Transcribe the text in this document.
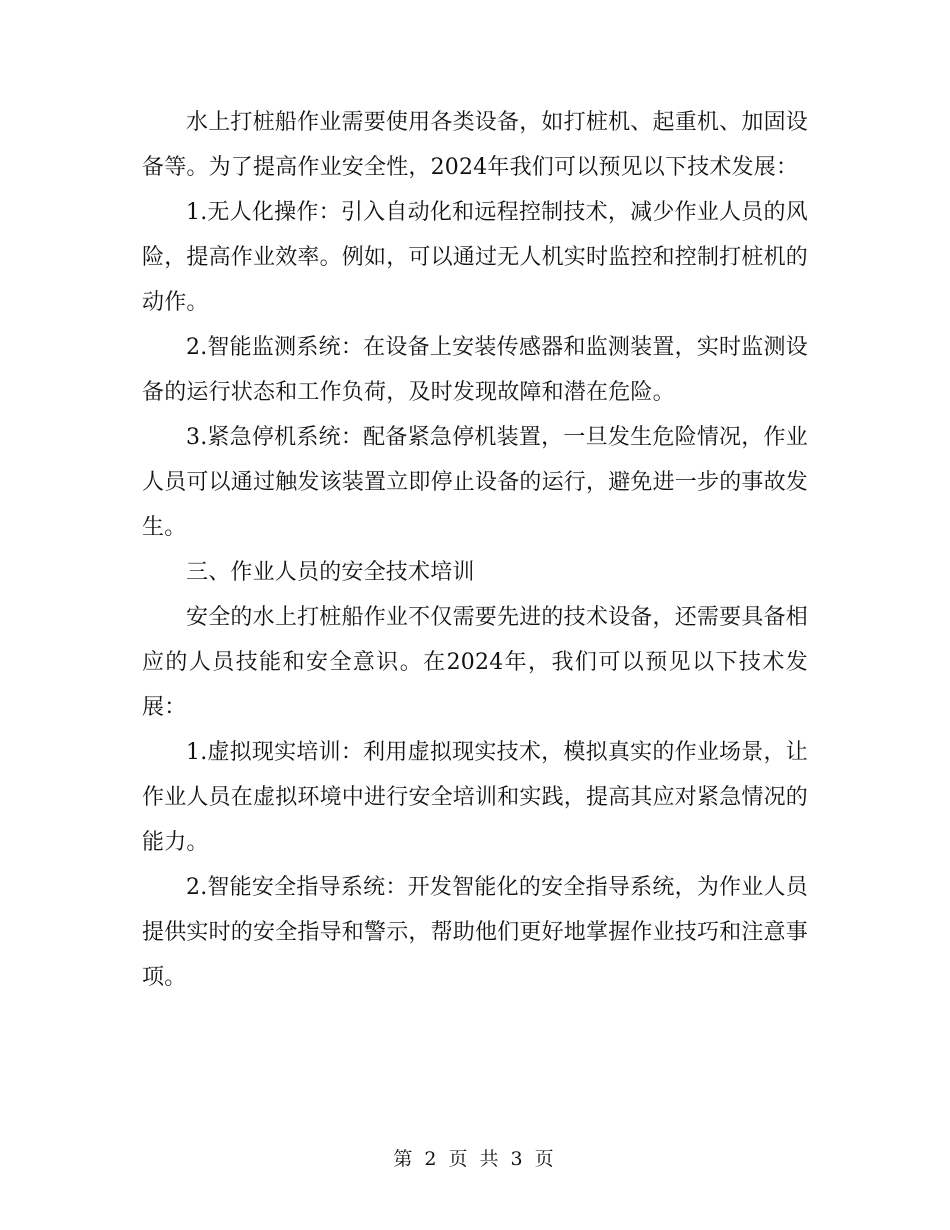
水上打桩船作业需要使用各类设备，如打桩机、起重机、加固设备等。为了提高作业安全性，2024年我们可以预见以下技术发展：

1.无人化操作：引入自动化和远程控制技术，减少作业人员的风险，提高作业效率。例如，可以通过无人机实时监控和控制打桩机的动作。

2.智能监测系统：在设备上安装传感器和监测装置，实时监测设备的运行状态和工作负荷，及时发现故障和潜在危险。

3.紧急停机系统：配备紧急停机装置，一旦发生危险情况，作业人员可以通过触发该装置立即停止设备的运行，避免进一步的事故发生。

三、作业人员的安全技术培训

安全的水上打桩船作业不仅需要先进的技术设备，还需要具备相应的人员技能和安全意识。在2024年，我们可以预见以下技术发展：

1.虚拟现实培训：利用虚拟现实技术，模拟真实的作业场景，让作业人员在虚拟环境中进行安全培训和实践，提高其应对紧急情况的能力。

2.智能安全指导系统：开发智能化的安全指导系统，为作业人员提供实时的安全指导和警示，帮助他们更好地掌握作业技巧和注意事项。

第 2 页 共 3 页
